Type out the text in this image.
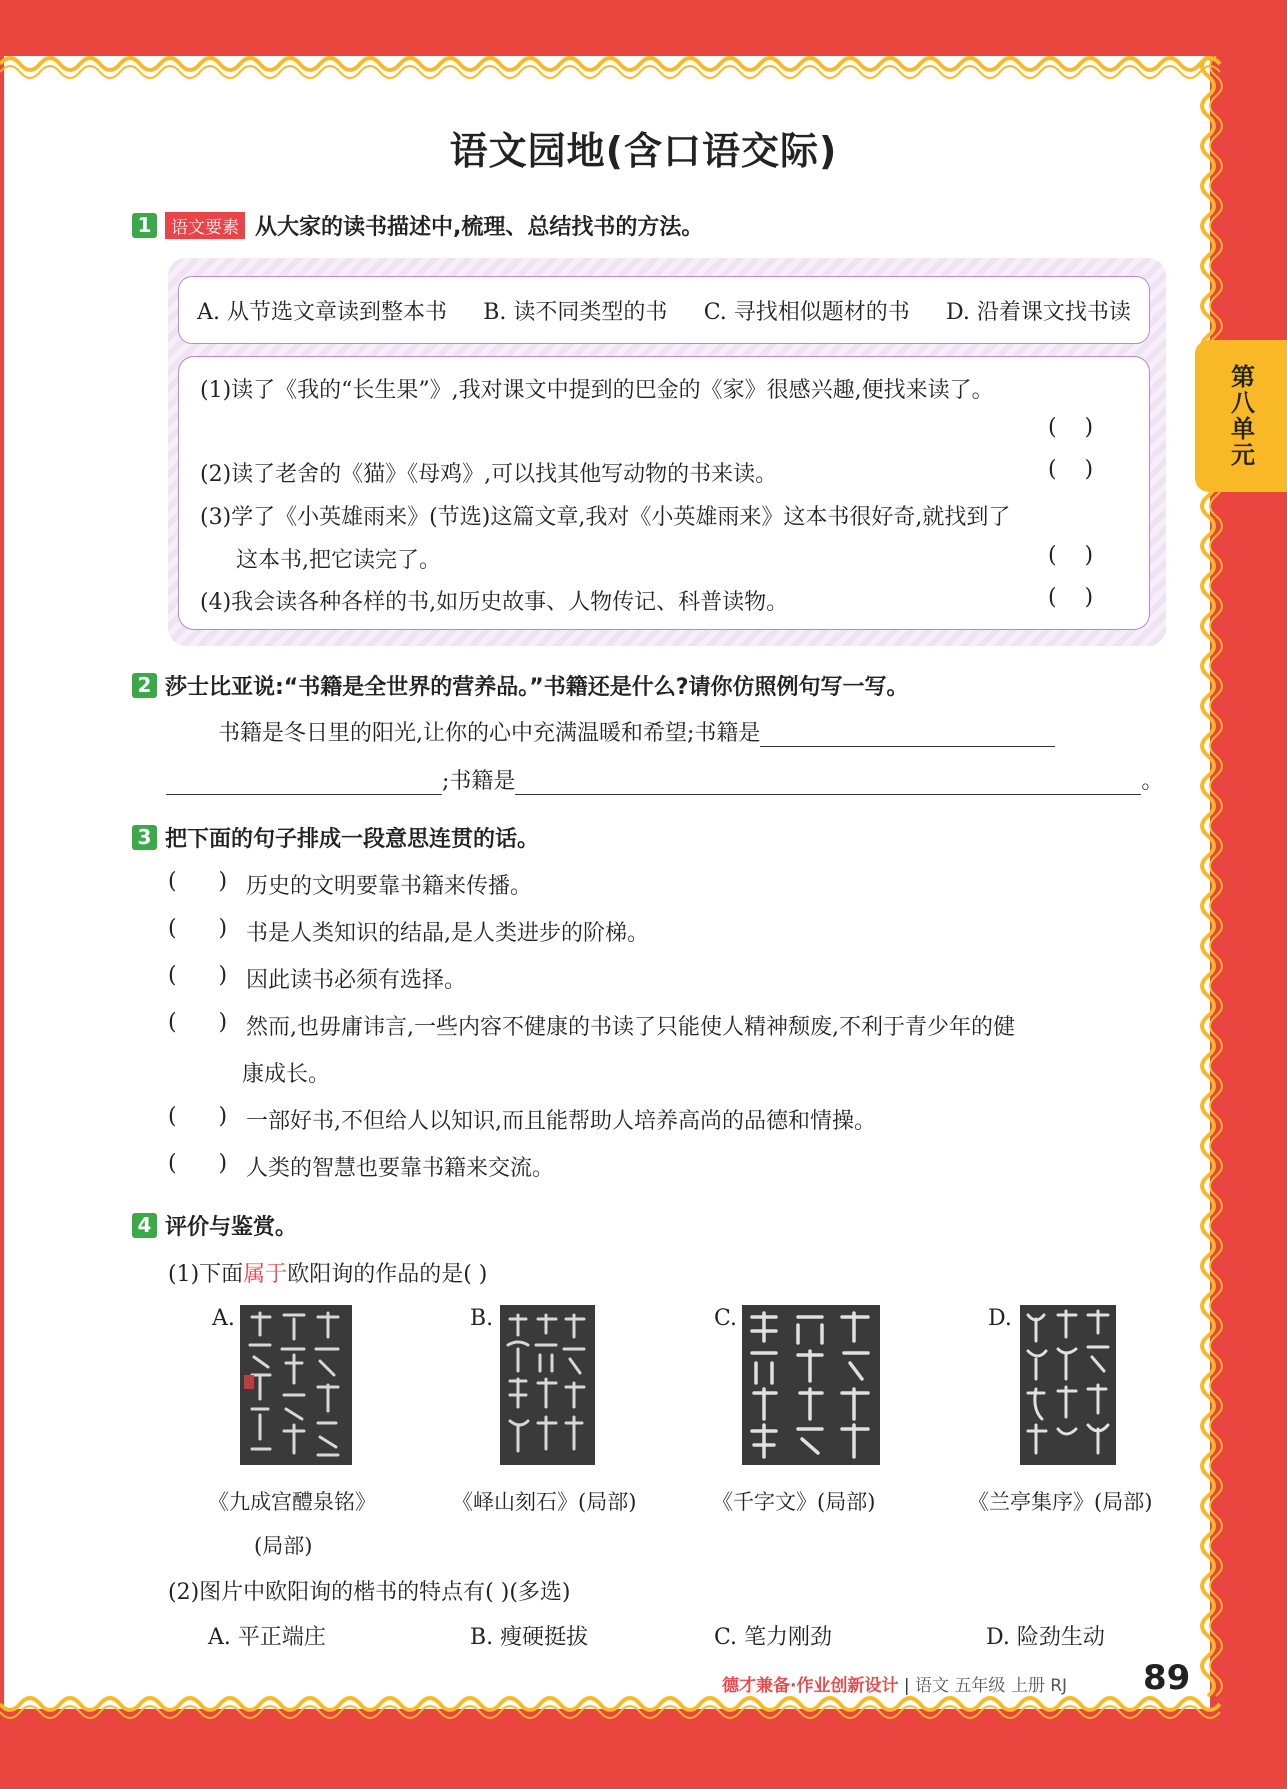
第八单元
语文园地(含口语交际)
1 语文要素 从大家的读书描述中,梳理、总结找书的方法。
A. 从节选文章读到整本书 B. 读不同类型的书 C. 寻找相似题材的书 D. 沿着课文找书读
(1)读了《我的“长生果”》,我对课文中提到的巴金的《家》很感兴趣,便找来读了。
(    )
(2)读了老舍的《猫》《母鸡》,可以找其他写动物的书来读。	(    )
(3)学了《小英雄雨来》(节选)这篇文章,我对《小英雄雨来》这本书很好奇,就找到了
这本书,把它读完了。	(    )
(4)我会读各种各样的书,如历史故事、人物传记、科普读物。	(    )
2 莎士比亚说:“书籍是全世界的营养品。”书籍还是什么?请你仿照例句写一写。
书籍是冬日里的阳光,让你的心中充满温暖和希望;书籍是
;书籍是	。
3 把下面的句子排成一段意思连贯的话。
(      ) 历史的文明要靠书籍来传播。
(      ) 书是人类知识的结晶,是人类进步的阶梯。
(      ) 因此读书必须有选择。
(      ) 然而,也毋庸讳言,一些内容不健康的书读了只能使人精神颓废,不利于青少年的健
康成长。
(      ) 一部好书,不但给人以知识,而且能帮助人培养高尚的品德和情操。
(      ) 人类的智慧也要靠书籍来交流。
4 评价与鉴赏。
(1)下面属于欧阳询的作品的是( )
A.	B.	C.	D.
《九成宫醴泉铭》
(局部)
《峄山刻石》(局部)	《千字文》(局部)	《兰亭集序》(局部)
(2)图片中欧阳询的楷书的特点有( )(多选)
A. 平正端庄	B. 瘦硬挺拔	C. 笔力刚劲	D. 险劲生动
德才兼备·作业创新设计 | 语文 五年级 上册 RJ 89
